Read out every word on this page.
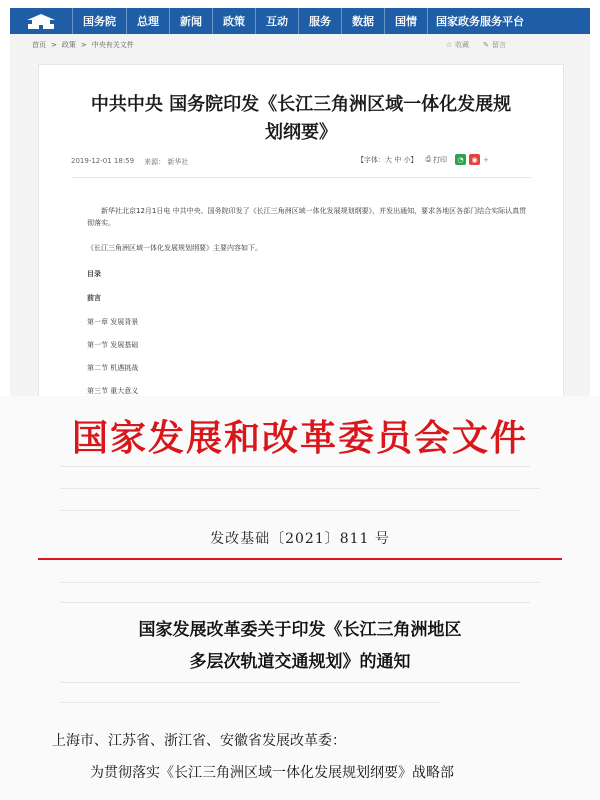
国务院	总理	新闻	政策	互动	服务	数据	国情	国家政务服务平台
首页 > 政策 > 中央有关文件	☆ 收藏 ✎ 留言
中共中央 国务院印发《长江三角洲区域一体化发展规
划纲要》
2019-12-01 18:59 来源： 新华社	【字体：大 中 小】 ⎙ 打印	◔	◉ +

新华社北京12月1日电 中共中央、国务院印发了《长江三角洲区域一体化发展规划纲要》，并发出通知，要求各地区各部门结合实际认真贯彻落实。

《长江三角洲区域一体化发展规划纲要》主要内容如下。
目录
前言
第一章 发展背景
第一节 发展基础
第二节 机遇挑战
第三节 重大意义
国家发展和改革委员会文件
发改基础〔2021〕811 号
国家发展改革委关于印发《长江三角洲地区
多层次轨道交通规划》的通知
上海市、江苏省、浙江省、安徽省发展改革委：
为贯彻落实《长江三角洲区域一体化发展规划纲要》战略部
